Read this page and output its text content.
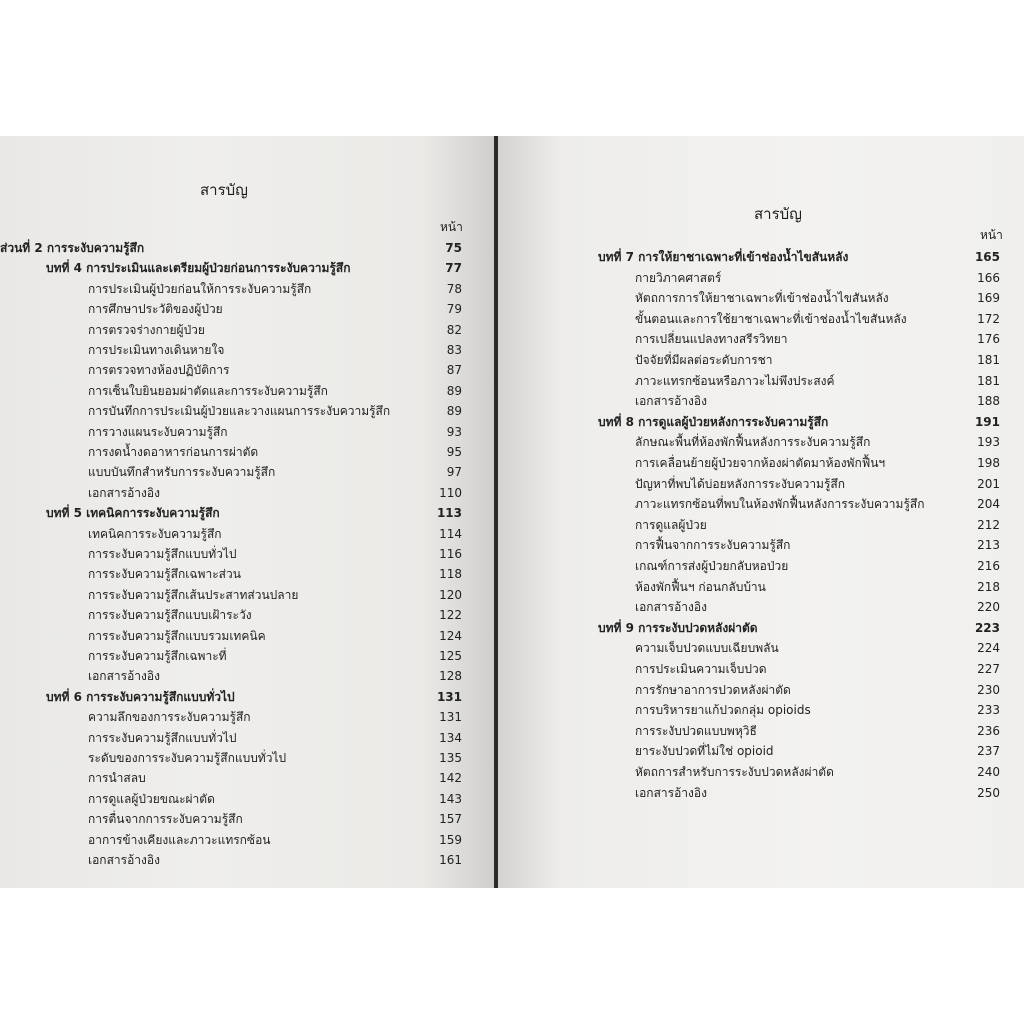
สารบัญ
หน้า
ส่วนที่ 2 การระงับความรู้สึก	75
บทที่ 4 การประเมินและเตรียมผู้ป่วยก่อนการระงับความรู้สึก	77
การประเมินผู้ป่วยก่อนให้การระงับความรู้สึก	78
การศึกษาประวัติของผู้ป่วย	79
การตรวจร่างกายผู้ป่วย	82
การประเมินทางเดินหายใจ	83
การตรวจทางห้องปฏิบัติการ	87
การเซ็นใบยินยอมผ่าตัดและการระงับความรู้สึก	89
การบันทึกการประเมินผู้ป่วยและวางแผนการระงับความรู้สึก	89
การวางแผนระงับความรู้สึก	93
การงดน้ำงดอาหารก่อนการผ่าตัด	95
แบบบันทึกสำหรับการระงับความรู้สึก	97
เอกสารอ้างอิง	110
บทที่ 5 เทคนิคการระงับความรู้สึก	113
เทคนิคการระงับความรู้สึก	114
การระงับความรู้สึกแบบทั่วไป	116
การระงับความรู้สึกเฉพาะส่วน	118
การระงับความรู้สึกเส้นประสาทส่วนปลาย	120
การระงับความรู้สึกแบบเฝ้าระวัง	122
การระงับความรู้สึกแบบรวมเทคนิค	124
การระงับความรู้สึกเฉพาะที่	125
เอกสารอ้างอิง	128
บทที่ 6 การระงับความรู้สึกแบบทั่วไป	131
ความลึกของการระงับความรู้สึก	131
การระงับความรู้สึกแบบทั่วไป	134
ระดับของการระงับความรู้สึกแบบทั่วไป	135
การนำสลบ	142
การดูแลผู้ป่วยขณะผ่าตัด	143
การตื่นจากการระงับความรู้สึก	157
อาการข้างเคียงและภาวะแทรกซ้อน	159
เอกสารอ้างอิง	161
สารบัญ
หน้า
บทที่ 7 การให้ยาชาเฉพาะที่เข้าช่องน้ำไขสันหลัง	165
กายวิภาคศาสตร์	166
หัตถการการให้ยาชาเฉพาะที่เข้าช่องน้ำไขสันหลัง	169
ขั้นตอนและการใช้ยาชาเฉพาะที่เข้าช่องน้ำไขสันหลัง	172
การเปลี่ยนแปลงทางสรีรวิทยา	176
ปัจจัยที่มีผลต่อระดับการชา	181
ภาวะแทรกซ้อนหรือภาวะไม่พึงประสงค์	181
เอกสารอ้างอิง	188
บทที่ 8 การดูแลผู้ป่วยหลังการระงับความรู้สึก	191
ลักษณะพื้นที่ห้องพักฟื้นหลังการระงับความรู้สึก	193
การเคลื่อนย้ายผู้ป่วยจากห้องผ่าตัดมาห้องพักฟื้นฯ	198
ปัญหาที่พบได้บ่อยหลังการระงับความรู้สึก	201
ภาวะแทรกซ้อนที่พบในห้องพักฟื้นหลังการระงับความรู้สึก	204
การดูแลผู้ป่วย	212
การฟื้นจากการระงับความรู้สึก	213
เกณฑ์การส่งผู้ป่วยกลับหอป่วย	216
ห้องพักฟื้นฯ ก่อนกลับบ้าน	218
เอกสารอ้างอิง	220
บทที่ 9 การระงับปวดหลังผ่าตัด	223
ความเจ็บปวดแบบเฉียบพลัน	224
การประเมินความเจ็บปวด	227
การรักษาอาการปวดหลังผ่าตัด	230
การบริหารยาแก้ปวดกลุ่ม opioids	233
การระงับปวดแบบพหุวิธี	236
ยาระงับปวดที่ไม่ใช่ opioid	237
หัตถการสำหรับการระงับปวดหลังผ่าตัด	240
เอกสารอ้างอิง	250
